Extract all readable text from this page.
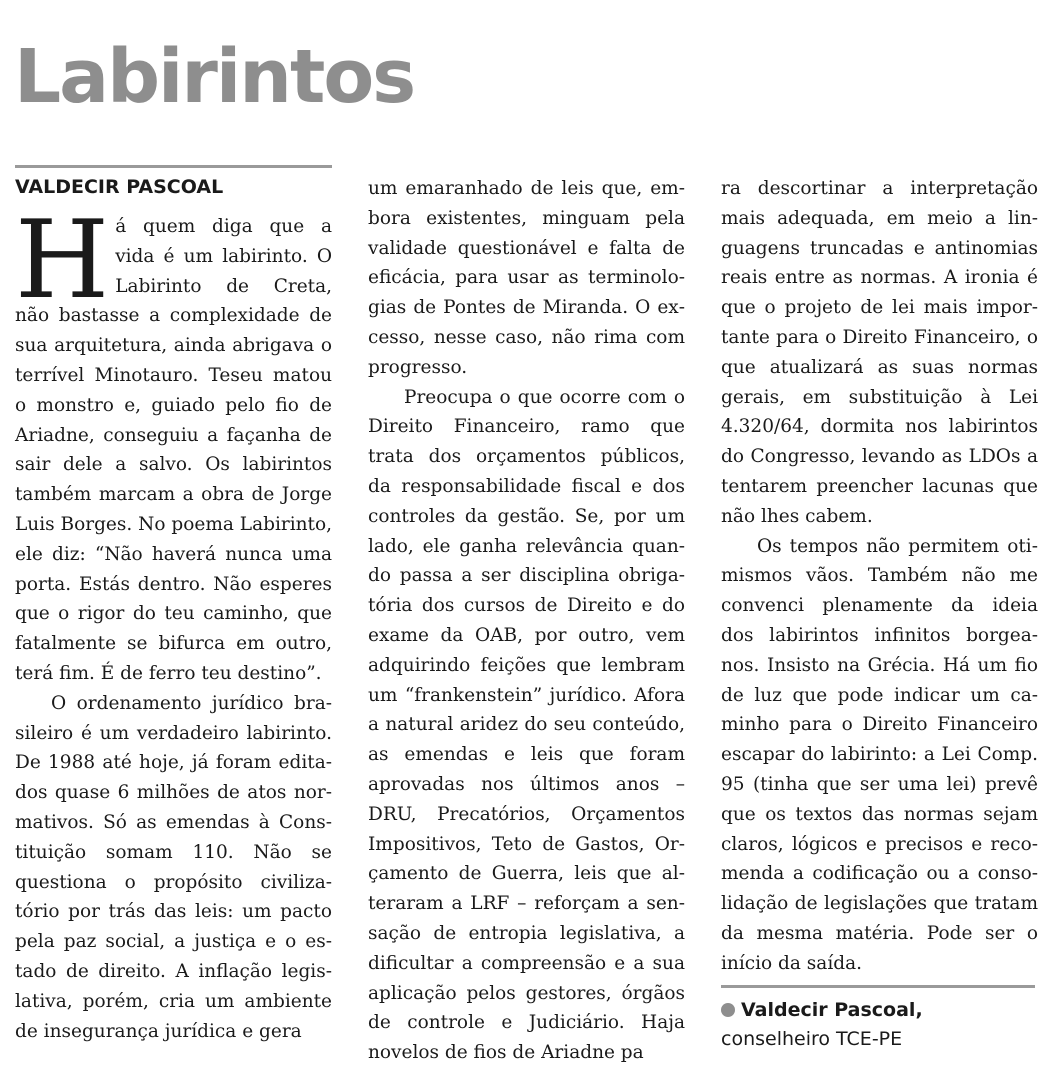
Labirintos
VALDECIR PASCOAL

Há quem diga que a vida é um labirinto. O Labirinto de Creta, não bastasse a complexidade de sua arquitetura, ainda abrigava o terrível Minotauro. Teseu matou o monstro e, guiado pelo fio de Ariadne, conseguiu a façanha de sair dele a salvo. Os labirintos também marcam a obra de Jorge Luis Borges. No poema Labirinto, ele diz: “Não haverá nunca uma porta. Estás dentro. Não esperes que o rigor do teu caminho, que fatalmente se bifurca em outro, terá fim. É de ferro teu destino”.

O ordenamento jurídico brasileiro é um verdadeiro labirinto. De 1988 até hoje, já foram editados quase 6 milhões de atos normativos. Só as emendas à Constituição somam 110. Não se questiona o propósito civilizatório por trás das leis: um pacto pela paz social, a justiça e o estado de direito. A inflação legislativa, porém, cria um ambiente de insegurança jurídica e gera

um emaranhado de leis que, embora existentes, minguam pela validade questionável e falta de eficácia, para usar as terminologias de Pontes de Miranda. O excesso, nesse caso, não rima com progresso.

Preocupa o que ocorre com o Direito Financeiro, ramo que trata dos orçamentos públicos, da responsabilidade fiscal e dos controles da gestão. Se, por um lado, ele ganha relevância quando passa a ser disciplina obrigatória dos cursos de Direito e do exame da OAB, por outro, vem adquirindo feições que lembram um “frankenstein” jurídico. Afora a natural aridez do seu conteúdo, as emendas e leis que foram aprovadas nos últimos anos – DRU, Precatórios, Orçamentos Impositivos, Teto de Gastos, Orçamento de Guerra, leis que alteraram a LRF – reforçam a sensação de entropia legislativa, a dificultar a compreensão e a sua aplicação pelos gestores, órgãos de controle e Judiciário. Haja novelos de fios de Ariadne pa

ra descortinar a interpretação mais adequada, em meio a linguagens truncadas e antinomias reais entre as normas. A ironia é que o projeto de lei mais importante para o Direito Financeiro, o que atualizará as suas normas gerais, em substituição à Lei 4.320/64, dormita nos labirintos do Congresso, levando as LDOs a tentarem preencher lacunas que não lhes cabem.

Os tempos não permitem otimismos vãos. Também não me convenci plenamente da ideia dos labirintos infinitos borgeanos. Insisto na Grécia. Há um fio de luz que pode indicar um caminho para o Direito Financeiro escapar do labirinto: a Lei Comp. 95 (tinha que ser uma lei) prevê que os textos das normas sejam claros, lógicos e precisos e recomenda a codificação ou a consolidação de legislações que tratam da mesma matéria. Pode ser o início da saída.

Valdecir Pascoal,
conselheiro TCE-PE
